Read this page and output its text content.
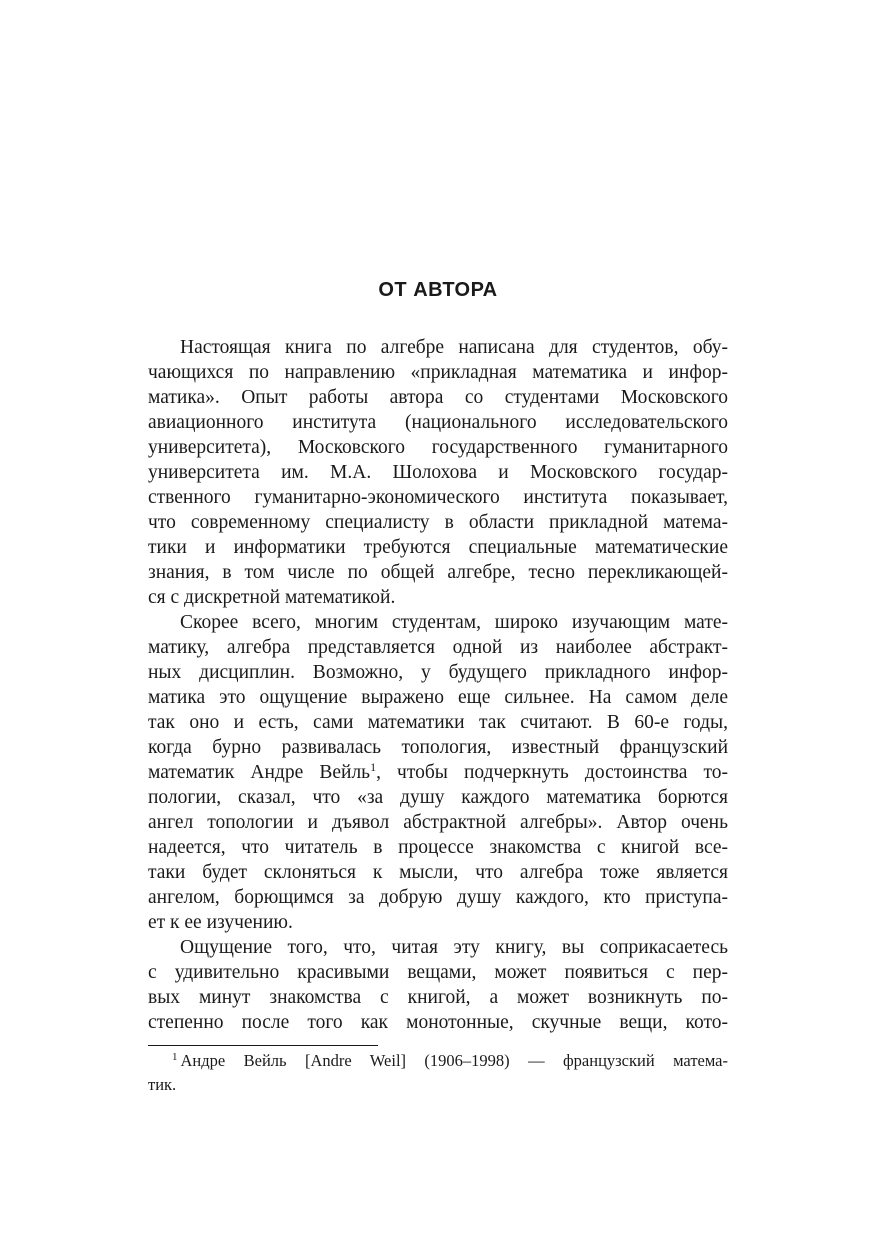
ОТ АВТОРА

Настоящая книга по алгебре написана для студентов, обу-
чающихся по направлению «прикладная математика и инфор-
матика». Опыт работы автора со студентами Московского
авиационного института (национального исследовательского
университета), Московского государственного гуманитарного
университета им. М.А. Шолохова и Московского государ-
ственного гуманитарно-экономического института показывает,
что современному специалисту в области прикладной матема-
тики и информатики требуются специальные математические
знания, в том числе по общей алгебре, тесно перекликающей-
ся с дискретной математикой.

Скорее всего, многим студентам, широко изучающим мате-
матику, алгебра представляется одной из наиболее абстракт-
ных дисциплин. Возможно, у будущего прикладного инфор-
матика это ощущение выражено еще сильнее. На самом деле
так оно и есть, сами математики так считают. В 60-е годы,
когда бурно развивалась топология, известный французский
математик Андре Вейль$^1$, чтобы подчеркнуть достоинства то-
пологии, сказал, что «за душу каждого математика борются
ангел топологии и дъявол абстрактной алгебры». Автор очень
надеется, что читатель в процессе знакомства с книгой все-
таки будет склоняться к мысли, что алгебра тоже является
ангелом, борющимся за добрую душу каждого, кто приступа-
ет к ее изучению.

Ощущение того, что, читая эту книгу, вы соприкасаетесь
с удивительно красивыми вещами, может появиться с пер-
вых минут знакомства с книгой, а может возникнуть по-
степенно после того как монотонные, скучные вещи, кото-

$^1$ Андре Вейль [Andre Weil] (1906–1998) — французский матема-
тик.
